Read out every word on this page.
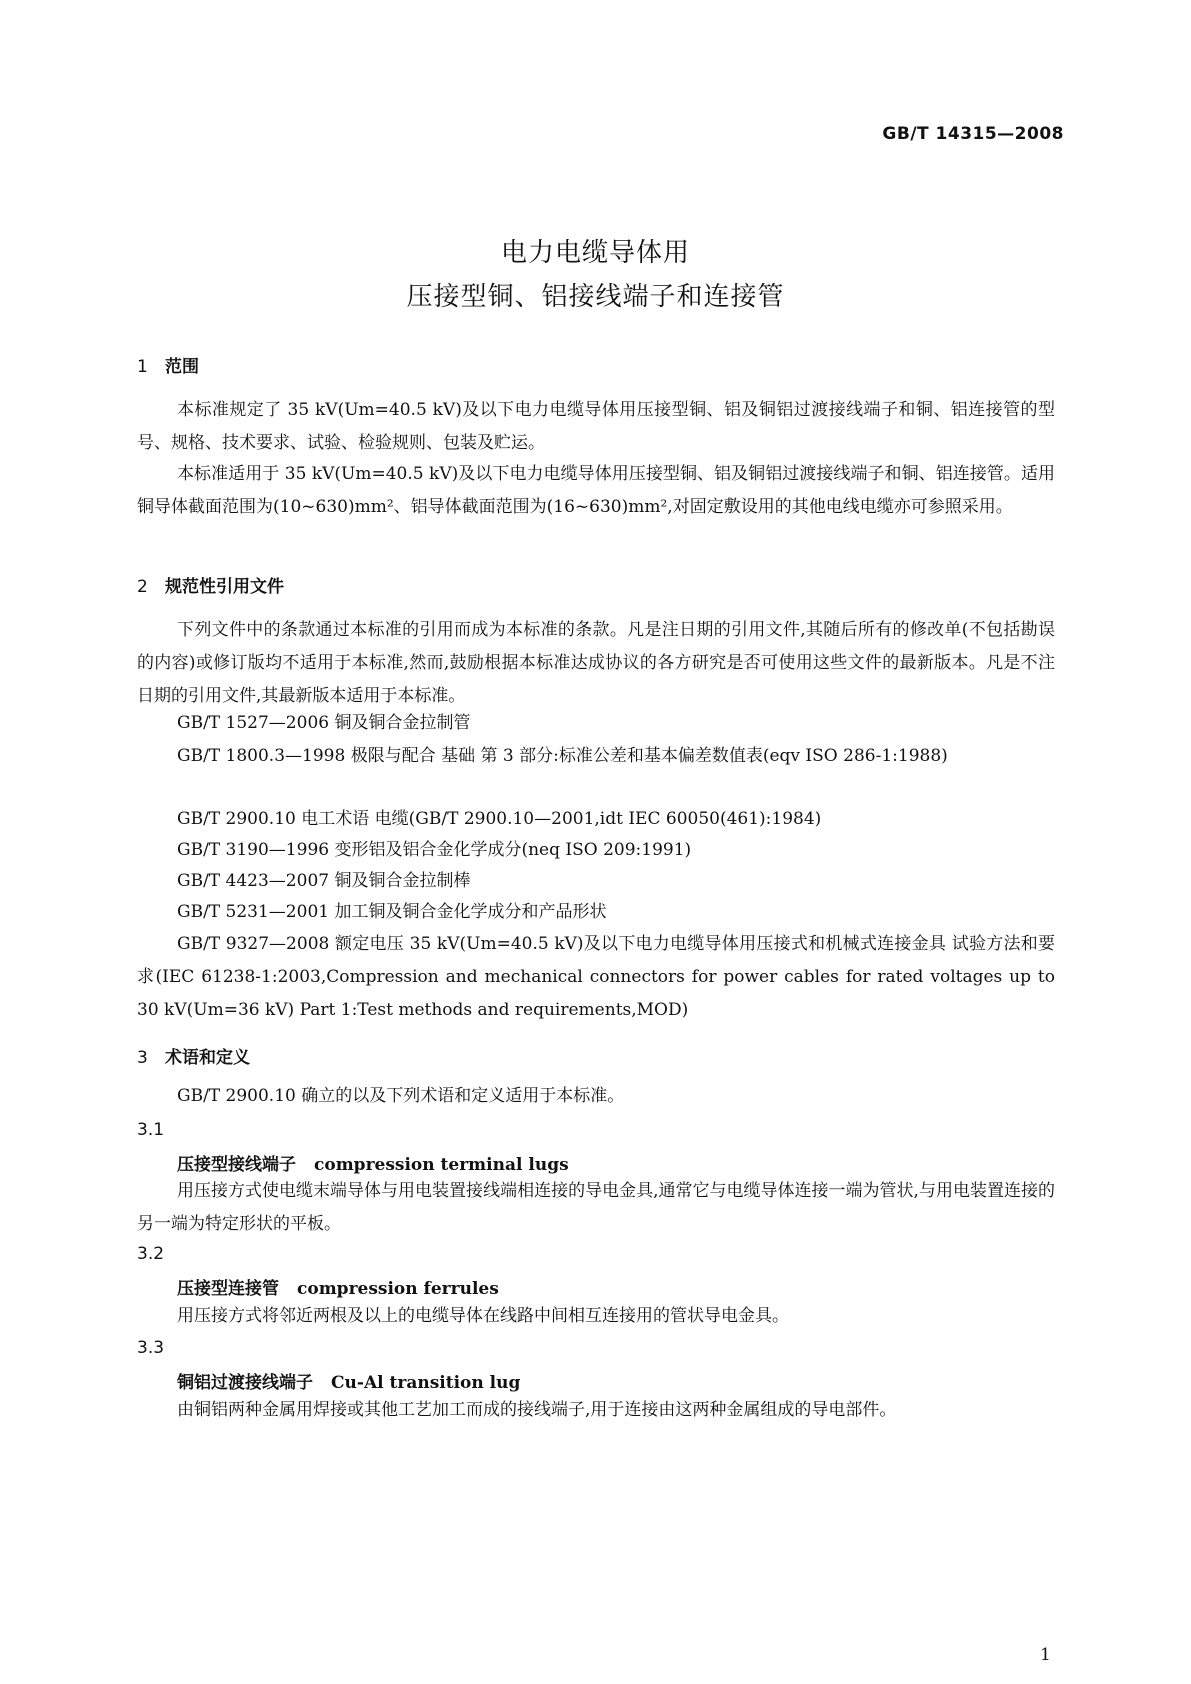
GB/T 14315—2008
电力电缆导体用
压接型铜、铝接线端子和连接管
1 范围
本标准规定了 35 kV(Um=40.5 kV)及以下电力电缆导体用压接型铜、铝及铜铝过渡接线端子和铜、铝连接管的型号、规格、技术要求、试验、检验规则、包装及贮运。
本标准适用于 35 kV(Um=40.5 kV)及以下电力电缆导体用压接型铜、铝及铜铝过渡接线端子和铜、铝连接管。适用铜导体截面范围为(10~630)mm²、铝导体截面范围为(16~630)mm²,对固定敷设用的其他电线电缆亦可参照采用。
2 规范性引用文件
下列文件中的条款通过本标准的引用而成为本标准的条款。凡是注日期的引用文件,其随后所有的修改单(不包括勘误的内容)或修订版均不适用于本标准,然而,鼓励根据本标准达成协议的各方研究是否可使用这些文件的最新版本。凡是不注日期的引用文件,其最新版本适用于本标准。
GB/T 1527—2006 铜及铜合金拉制管
GB/T 1800.3—1998 极限与配合 基础 第 3 部分:标准公差和基本偏差数值表(eqv ISO 286-1:1988)
GB/T 2900.10 电工术语 电缆(GB/T 2900.10—2001,idt IEC 60050(461):1984)
GB/T 3190—1996 变形铝及铝合金化学成分(neq ISO 209:1991)
GB/T 4423—2007 铜及铜合金拉制棒
GB/T 5231—2001 加工铜及铜合金化学成分和产品形状
GB/T 9327—2008 额定电压 35 kV(Um=40.5 kV)及以下电力电缆导体用压接式和机械式连接金具 试验方法和要求(IEC 61238-1:2003,Compression and mechanical connectors for power cables for rated voltages up to 30 kV(Um=36 kV) Part 1:Test methods and requirements,MOD)
3 术语和定义
GB/T 2900.10 确立的以及下列术语和定义适用于本标准。
3.1
压接型接线端子 compression terminal lugs
用压接方式使电缆末端导体与用电装置接线端相连接的导电金具,通常它与电缆导体连接一端为管状,与用电装置连接的另一端为特定形状的平板。
3.2
压接型连接管 compression ferrules
用压接方式将邻近两根及以上的电缆导体在线路中间相互连接用的管状导电金具。
3.3
铜铝过渡接线端子 Cu-Al transition lug
由铜铝两种金属用焊接或其他工艺加工而成的接线端子,用于连接由这两种金属组成的导电部件。
1
